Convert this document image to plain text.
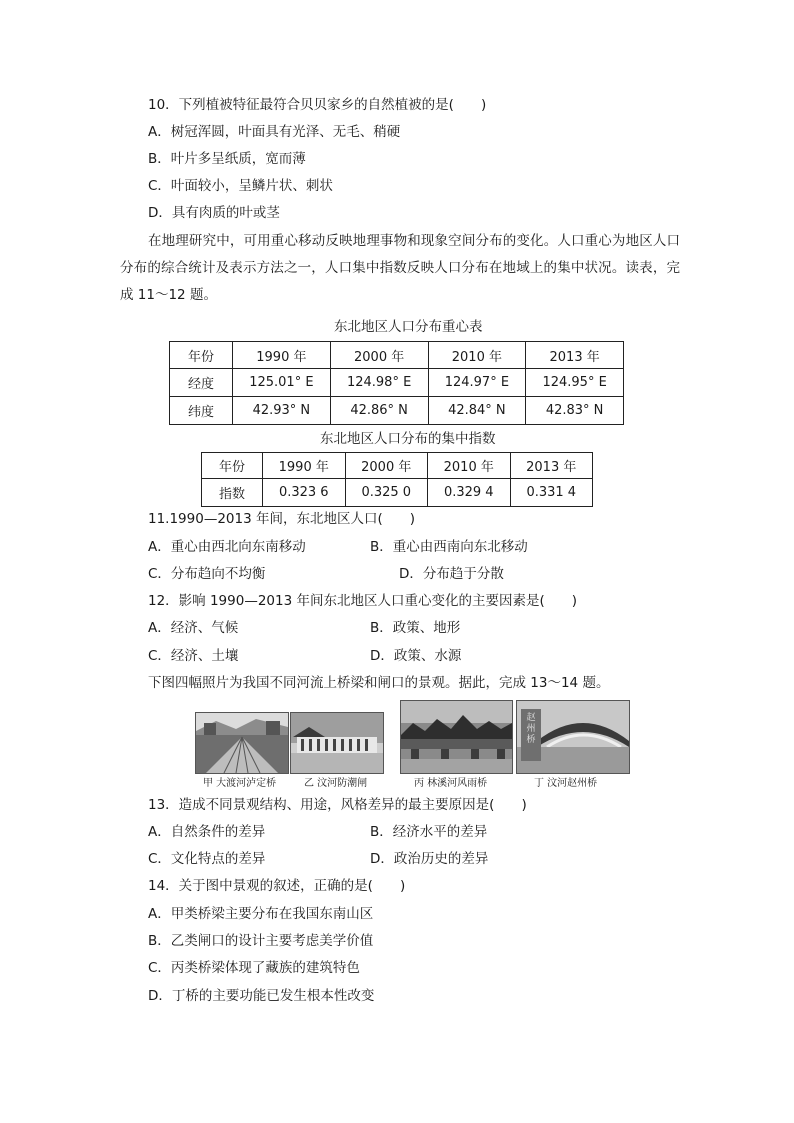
10．下列植被特征最符合贝贝家乡的自然植被的是(　　)
A．树冠浑圆，叶面具有光泽、无毛、稍硬
B．叶片多呈纸质，宽而薄
C．叶面较小，呈鳞片状、刺状
D．具有肉质的叶或茎
在地理研究中，可用重心移动反映地理事物和现象空间分布的变化。人口重心为地区人口分布的综合统计及表示方法之一，人口集中指数反映人口分布在地域上的集中状况。读表，完成 11～12 题。
东北地区人口分布重心表
年份	1990 年	2000 年	2010 年	2013 年
经度	125.01° E	124.98° E	124.97° E	124.95° E
纬度	42.93° N	42.86° N	42.84° N	42.83° N
东北地区人口分布的集中指数
年份	1990 年	2000 年	2010 年	2013 年
指数	0.323 6	0.325 0	0.329 4	0.331 4
11.1990—2013 年间，东北地区人口(　　)
A．重心由西北向东南移动	B．重心由西南向东北移动
C．分布趋向不均衡	D．分布趋于分散
12．影响 1990—2013 年间东北地区人口重心变化的主要因素是(　　)
A．经济、气候	B．政策、地形
C．经济、土壤	D．政策、水源
下图四幅照片为我国不同河流上桥梁和闸口的景观。据此，完成 13～14 题。
赵州桥
甲 大渡河泸定桥	乙 汶河防潮闸	丙 林溪河风雨桥	丁 汶河赵州桥
13．造成不同景观结构、用途，风格差异的最主要原因是(　　)
A．自然条件的差异	B．经济水平的差异
C．文化特点的差异	D．政治历史的差异
14．关于图中景观的叙述，正确的是(　　)
A．甲类桥梁主要分布在我国东南山区
B．乙类闸口的设计主要考虑美学价值
C．丙类桥梁体现了藏族的建筑特色
D．丁桥的主要功能已发生根本性改变
